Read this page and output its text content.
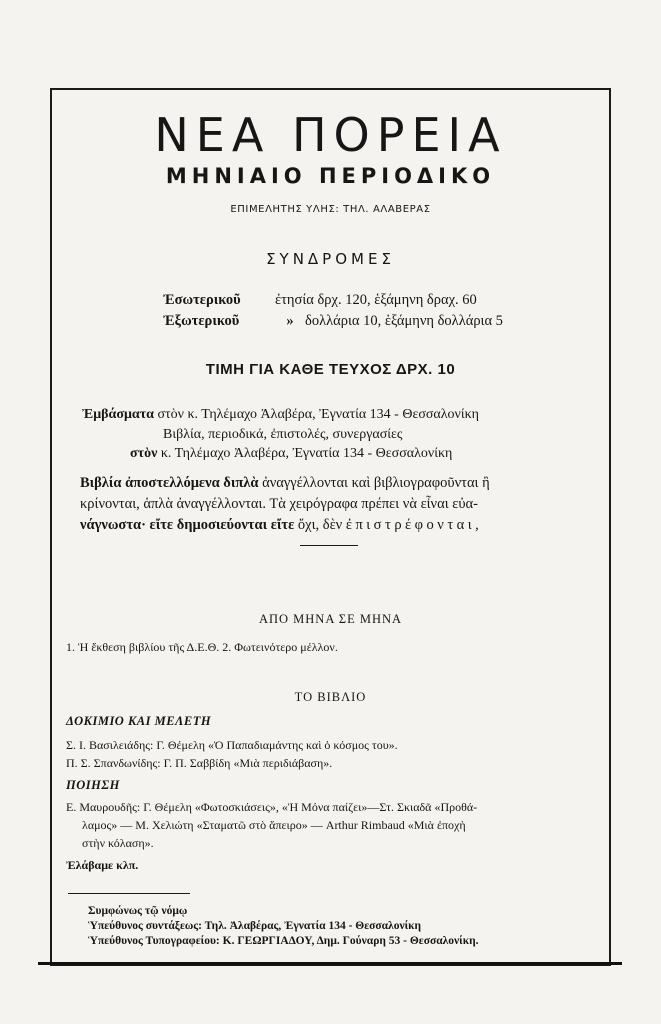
ΝΕΑ ΠΟΡΕΙΑ
ΜΗΝΙΑΙΟ ΠΕΡΙΟΔΙΚΟ
ΕΠΙΜΕΛΗΤΗΣ ΥΛΗΣ: ΤΗΛ. ΑΛΑΒΕΡΑΣ
ΣΥΝΔΡΟΜΕΣ
Ἐσωτερικοῦ ἐτησία δρχ. 120, ἑξάμηνη δραχ. 60
Ἐξωτερικοῦ	» δολλάρια 10, ἑξάμηνη δολλάρια 5
ΤΙΜΗ ΓΙΑ ΚΑΘΕ ΤΕΥΧΟΣ ΔΡΧ. 10
Ἐμβάσματα στὸν κ. Τηλέμαχο Ἀλαβέρα, Ἐγνατία 134 - Θεσσαλονίκη
Βιβλία, περιοδικά, ἐπιστολές, συνεργασίες
στὸν κ. Τηλέμαχο Ἀλαβέρα, Ἐγνατία 134 - Θεσσαλονίκη
Βιβλία ἀποστελλόμενα διπλὰ ἀναγγέλλονται καὶ βιβλιογραφοῦνται ἢ
κρίνονται, ἁπλὰ ἀναγγέλλονται. Τὰ χειρόγραφα πρέπει νὰ εἶναι εὐα-
νάγνωστα· εἴτε δημοσιεύονται εἴτε ὄχι, δὲν ἐπιστρέφονται,
ΑΠΟ ΜΗΝΑ ΣΕ ΜΗΝΑ
1. Ἡ ἔκθεση βιβλίου τῆς Δ.Ε.Θ. 2. Φωτεινότερο μέλλον.
ΤΟ ΒΙΒΛΙΟ
ΔΟΚΙΜΙΟ ΚΑΙ ΜΕΛΕΤΗ
Σ. Ι. Βασιλειάδης: Γ. Θέμελη «Ὁ Παπαδιαμάντης καὶ ὁ κόσμος του».
Π. Σ. Σπανδωνίδης: Γ. Π. Σαββίδη «Μιὰ περιδιάβαση».
ΠΟΙΗΣΗ
Ε. Μαυρουδῆς: Γ. Θέμελη «Φωτοσκιάσεις», «Ἡ Μόνα παίζει»—Στ. Σκιαδᾶ «Προθά-
λαμος» — Μ. Χελιώτη «Σταματῶ στὸ ἄπειρο» — Arthur Rimbaud «Μιὰ ἐποχὴ
στὴν κόλαση».
Ἐλάβαμε κλπ.
Συμφώνως τῷ νόμῳ
Ὑπεύθυνος συντάξεως: Τηλ. Ἀλαβέρας, Ἐγνατία 134 - Θεσσαλονίκη
Ὑπεύθυνος Τυπογραφείου: Κ. ΓΕΩΡΓΙΑΔΟΥ, Δημ. Γούναρη 53 - Θεσσαλονίκη.
